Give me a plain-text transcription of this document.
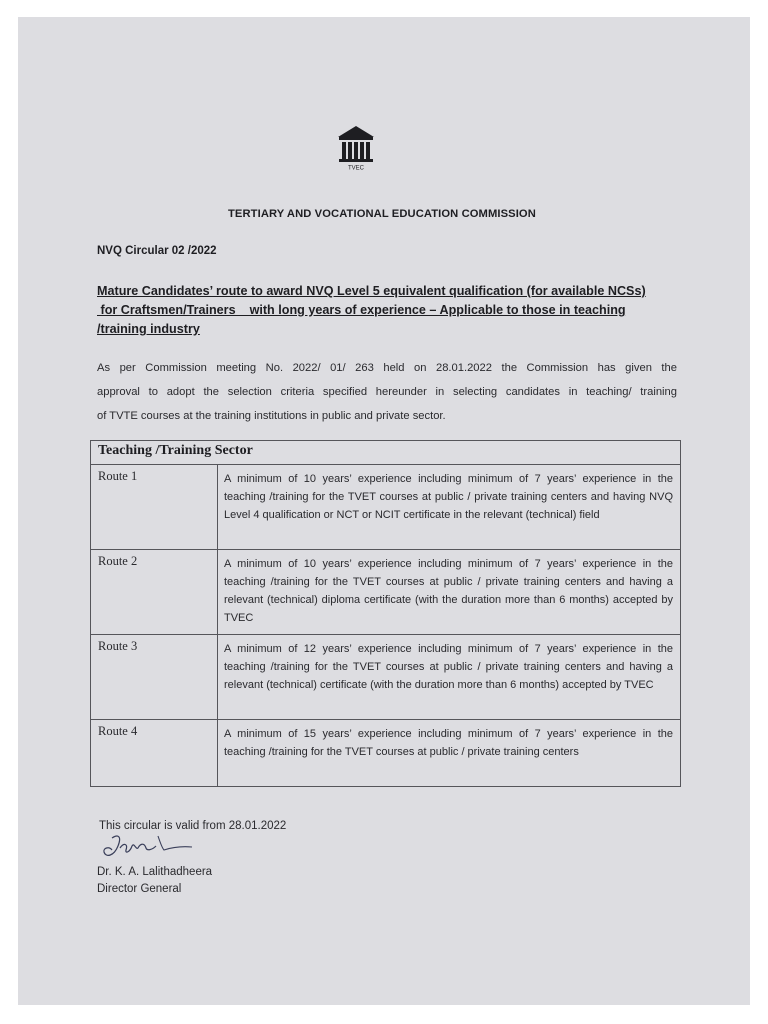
TVEC
TERTIARY AND VOCATIONAL EDUCATION COMMISSION
NVQ Circular 02 /2022
Mature Candidates’ route to award NVQ Level 5 equivalent qualification (for available NCSs)
for Craftsmen/Trainers    with long years of experience – Applicable to those in teaching
/training industry
As per Commission meeting No. 2022/ 01/ 263 held on 28.01.2022 the Commission has given the
approval to adopt the selection criteria specified hereunder in selecting candidates in teaching/ training
of TVTE courses at the training institutions in public and private sector.
Teaching /Training Sector	
Route 1	A minimum of 10 years’ experience including minimum of 7 years’ experience in the teaching /training for the TVET courses at public / private training centers and having NVQ Level 4 qualification or NCT or NCIT certificate in the relevant (technical) field
Route 2	A minimum of 10 years’ experience including minimum of 7 years’ experience in the teaching /training for the TVET courses at public / private training centers and having a relevant (technical) diploma certificate (with the duration more than 6 months) accepted by TVEC
Route 3	A minimum of 12 years’ experience including minimum of 7 years’ experience in the teaching /training for the TVET courses at public / private training centers and having a relevant (technical) certificate (with the duration more than 6 months) accepted by TVEC
Route 4	A minimum of 15 years’ experience including minimum of 7 years’ experience in the teaching /training for the TVET courses at public / private training centers
This circular is valid from 28.01.2022
Dr. K. A. Lalithadheera
Director General
